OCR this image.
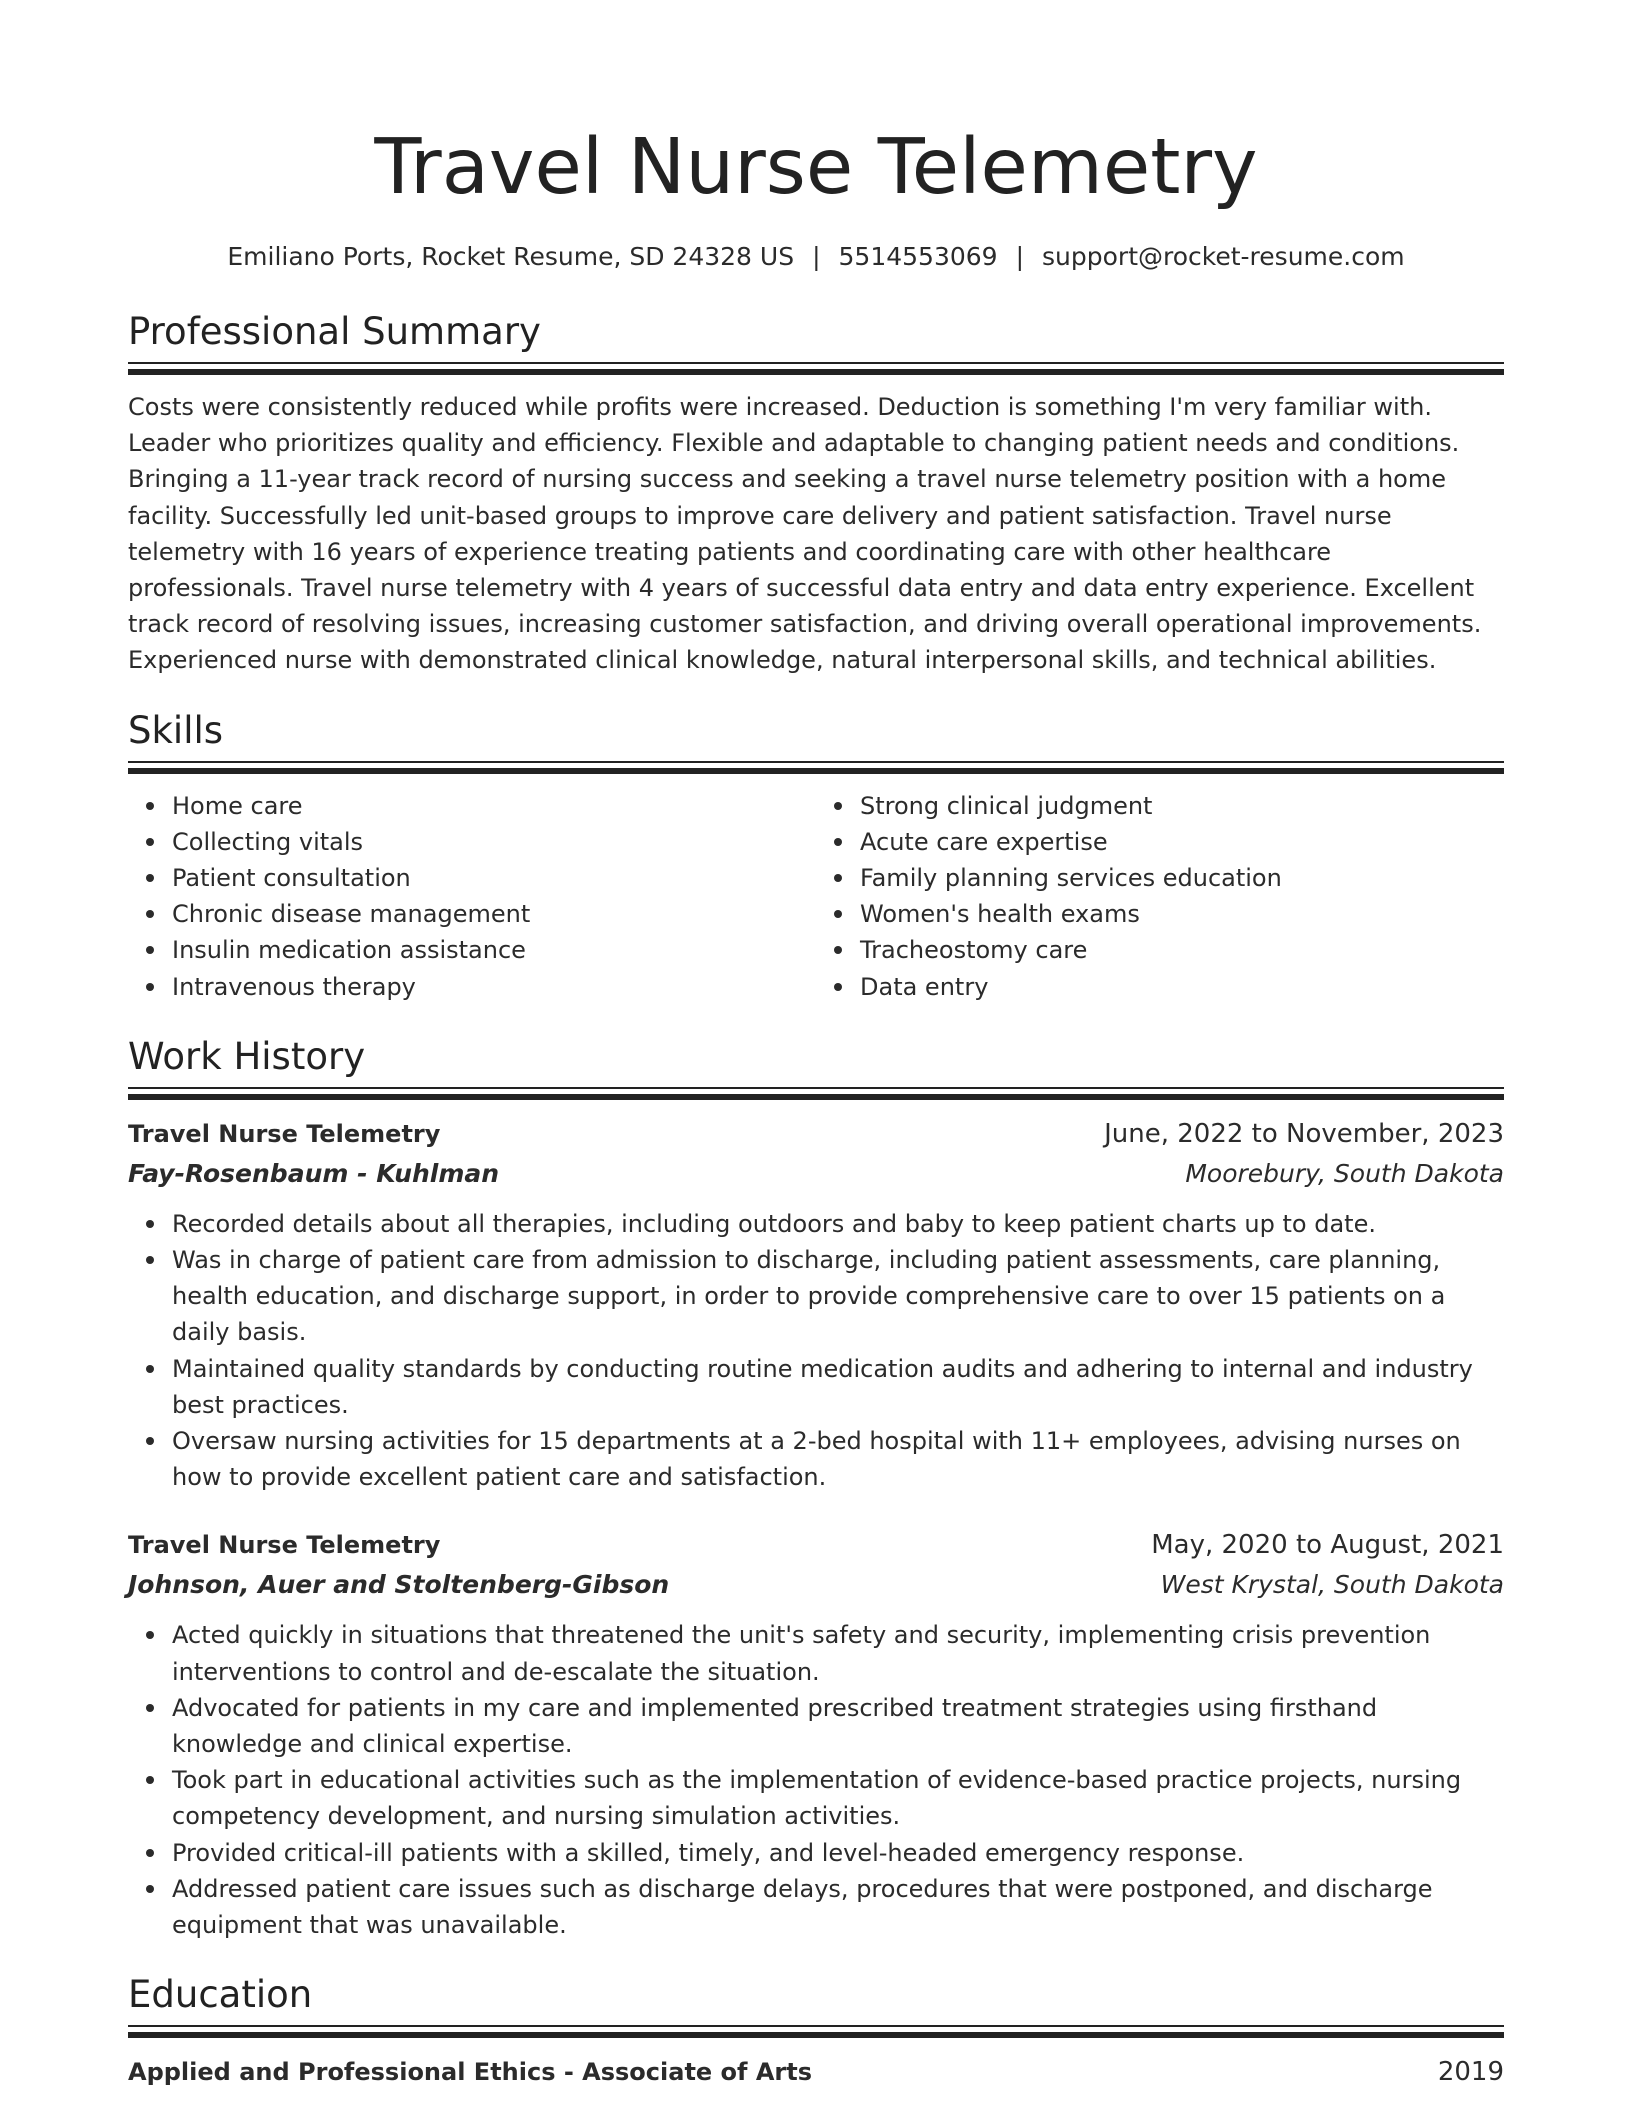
Travel Nurse Telemetry
Emiliano Ports, Rocket Resume, SD 24328 US | 5514553069 | support@rocket-resume.com
Professional Summary

Costs were consistently reduced while profits were increased. Deduction is something I'm very familiar with. Leader who prioritizes quality and efficiency. Flexible and adaptable to changing patient needs and conditions. Bringing a 11-year track record of nursing success and seeking a travel nurse telemetry position with a home facility. Successfully led unit-based groups to improve care delivery and patient satisfaction. Travel nurse telemetry with 16 years of experience treating patients and coordinating care with other healthcare professionals. Travel nurse telemetry with 4 years of successful data entry and data entry experience. Excellent track record of resolving issues, increasing customer satisfaction, and driving overall operational improvements. Experienced nurse with demonstrated clinical knowledge, natural interpersonal skills, and technical abilities.

Skills
Home care
Collecting vitals
Patient consultation
Chronic disease management
Insulin medication assistance
Intravenous therapy
Strong clinical judgment
Acute care expertise
Family planning services education
Women's health exams
Tracheostomy care
Data entry
Work History
Travel Nurse Telemetry	June, 2022 to November, 2023
Fay-Rosenbaum - Kuhlman	Moorebury, South Dakota
Recorded details about all therapies, including outdoors and baby to keep patient charts up to date.
Was in charge of patient care from admission to discharge, including patient assessments, care planning, health education, and discharge support, in order to provide comprehensive care to over 15 patients on a daily basis.
Maintained quality standards by conducting routine medication audits and adhering to internal and industry best practices.
Oversaw nursing activities for 15 departments at a 2-bed hospital with 11+ employees, advising nurses on how to provide excellent patient care and satisfaction.
Travel Nurse Telemetry	May, 2020 to August, 2021
Johnson, Auer and Stoltenberg-Gibson	West Krystal, South Dakota
Acted quickly in situations that threatened the unit's safety and security, implementing crisis prevention interventions to control and de-escalate the situation.
Advocated for patients in my care and implemented prescribed treatment strategies using firsthand knowledge and clinical expertise.
Took part in educational activities such as the implementation of evidence-based practice projects, nursing competency development, and nursing simulation activities.
Provided critical-ill patients with a skilled, timely, and level-headed emergency response.
Addressed patient care issues such as discharge delays, procedures that were postponed, and discharge equipment that was unavailable.
Education
Applied and Professional Ethics - Associate of Arts	2019
